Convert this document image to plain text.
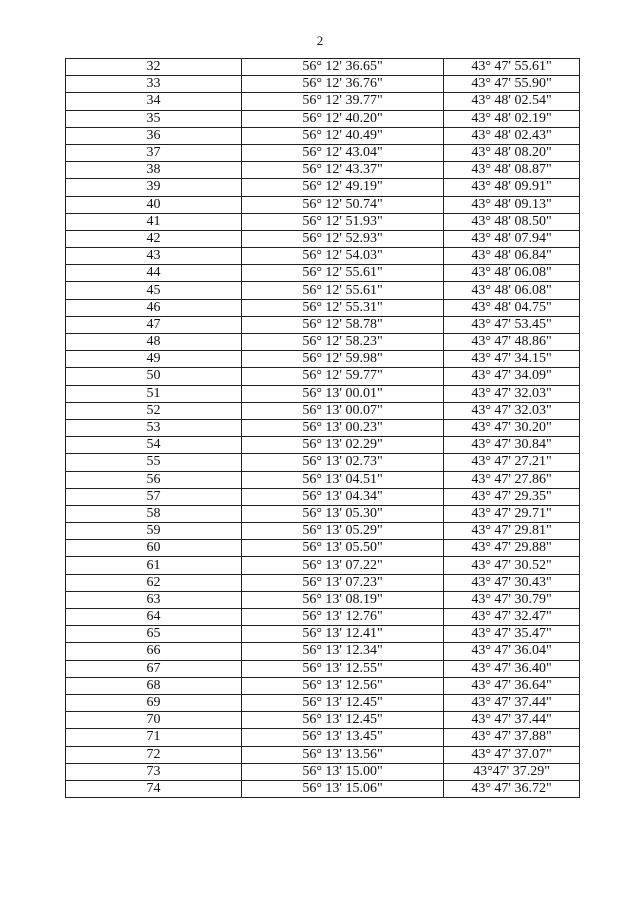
2
32	56° 12' 36.65"	43° 47' 55.61"
33	56° 12' 36.76"	43° 47' 55.90"
34	56° 12' 39.77"	43° 48' 02.54"
35	56° 12' 40.20"	43° 48' 02.19"
36	56° 12' 40.49"	43° 48' 02.43"
37	56° 12' 43.04"	43° 48' 08.20"
38	56° 12' 43.37"	43° 48' 08.87"
39	56° 12' 49.19"	43° 48' 09.91"
40	56° 12' 50.74"	43° 48' 09.13"
41	56° 12' 51.93"	43° 48' 08.50"
42	56° 12' 52.93"	43° 48' 07.94"
43	56° 12' 54.03"	43° 48' 06.84"
44	56° 12' 55.61"	43° 48' 06.08"
45	56° 12' 55.61"	43° 48' 06.08"
46	56° 12' 55.31"	43° 48' 04.75"
47	56° 12' 58.78"	43° 47' 53.45"
48	56° 12' 58.23"	43° 47' 48.86"
49	56° 12' 59.98"	43° 47' 34.15"
50	56° 12' 59.77"	43° 47' 34.09"
51	56° 13' 00.01"	43° 47' 32.03"
52	56° 13' 00.07"	43° 47' 32.03"
53	56° 13' 00.23"	43° 47' 30.20"
54	56° 13' 02.29"	43° 47' 30.84"
55	56° 13' 02.73"	43° 47' 27.21"
56	56° 13' 04.51"	43° 47' 27.86"
57	56° 13' 04.34"	43° 47' 29.35"
58	56° 13' 05.30"	43° 47' 29.71"
59	56° 13' 05.29"	43° 47' 29.81"
60	56° 13' 05.50"	43° 47' 29.88"
61	56° 13' 07.22"	43° 47' 30.52"
62	56° 13' 07.23"	43° 47' 30.43"
63	56° 13' 08.19"	43° 47' 30.79"
64	56° 13' 12.76"	43° 47' 32.47"
65	56° 13' 12.41"	43° 47' 35.47"
66	56° 13' 12.34"	43° 47' 36.04"
67	56° 13' 12.55"	43° 47' 36.40"
68	56° 13' 12.56"	43° 47' 36.64"
69	56° 13' 12.45"	43° 47' 37.44"
70	56° 13' 12.45"	43° 47' 37.44"
71	56° 13' 13.45"	43° 47' 37.88"
72	56° 13' 13.56"	43° 47' 37.07"
73	56° 13' 15.00"	43°47' 37.29"
74	56° 13' 15.06"	43° 47' 36.72"
